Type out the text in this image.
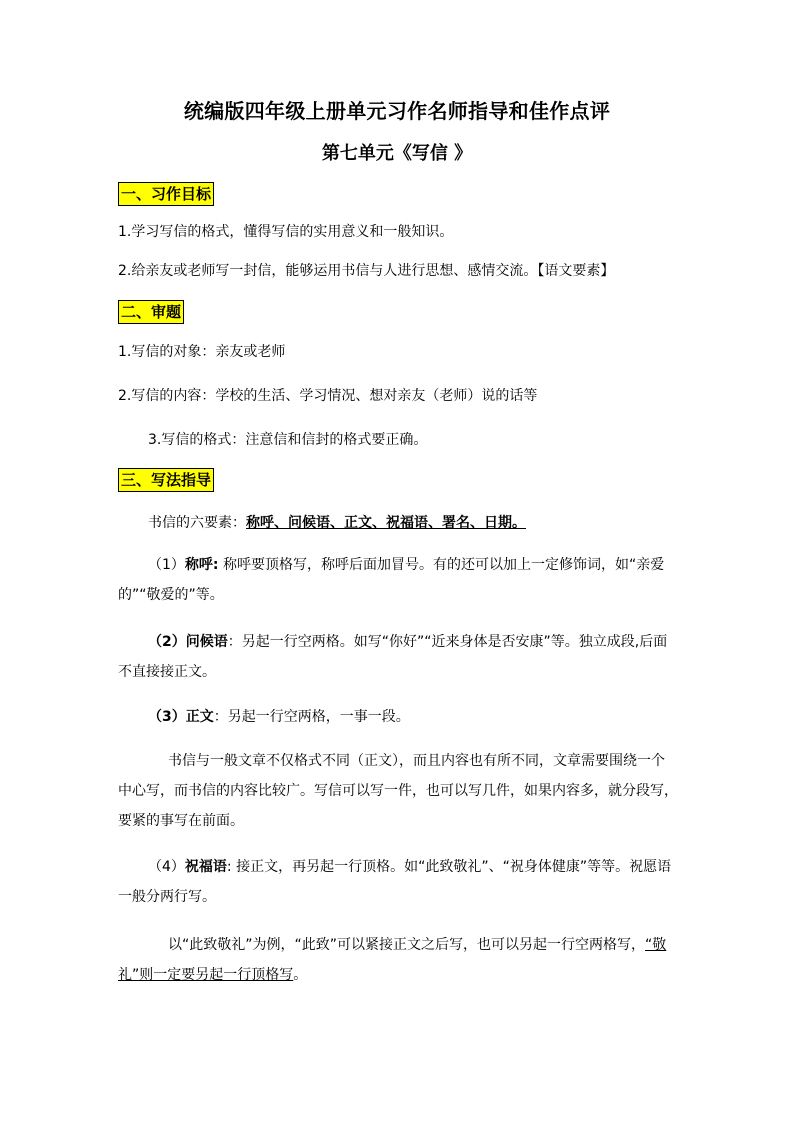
统编版四年级上册单元习作名师指导和佳作点评
第七单元《写信 》
一、习作目标
1.学习写信的格式，懂得写信的实用意义和一般知识。
2.给亲友或老师写一封信，能够运用书信与人进行思想、感情交流。【语文要素】
二、审题
1.写信的对象：亲友或老师
2.写信的内容：学校的生活、学习情况、想对亲友（老师）说的话等
3.写信的格式：注意信和信封的格式要正确。
三、写法指导
书信的六要素：称呼、问候语、正文、祝福语、署名、日期。
（1）称呼: 称呼要顶格写，称呼后面加冒号。有的还可以加上一定修饰词，如“亲爱的”“敬爱的”等。
（2）问候语：另起一行空两格。如写“你好”“近来身体是否安康”等。独立成段,后面不直接接正文。
（3）正文：另起一行空两格，一事一段。
书信与一般文章不仅格式不同（正文），而且内容也有所不同，文章需要围绕一个中心写，而书信的内容比较广。写信可以写一件，也可以写几件，如果内容多，就分段写，要紧的事写在前面。
（4）祝福语: 接正文，再另起一行顶格。如“此致敬礼”、“祝身体健康”等等。祝愿语一般分两行写。
以“此致敬礼”为例，“此致”可以紧接正文之后写，也可以另起一行空两格写，“敬礼”则一定要另起一行顶格写。
